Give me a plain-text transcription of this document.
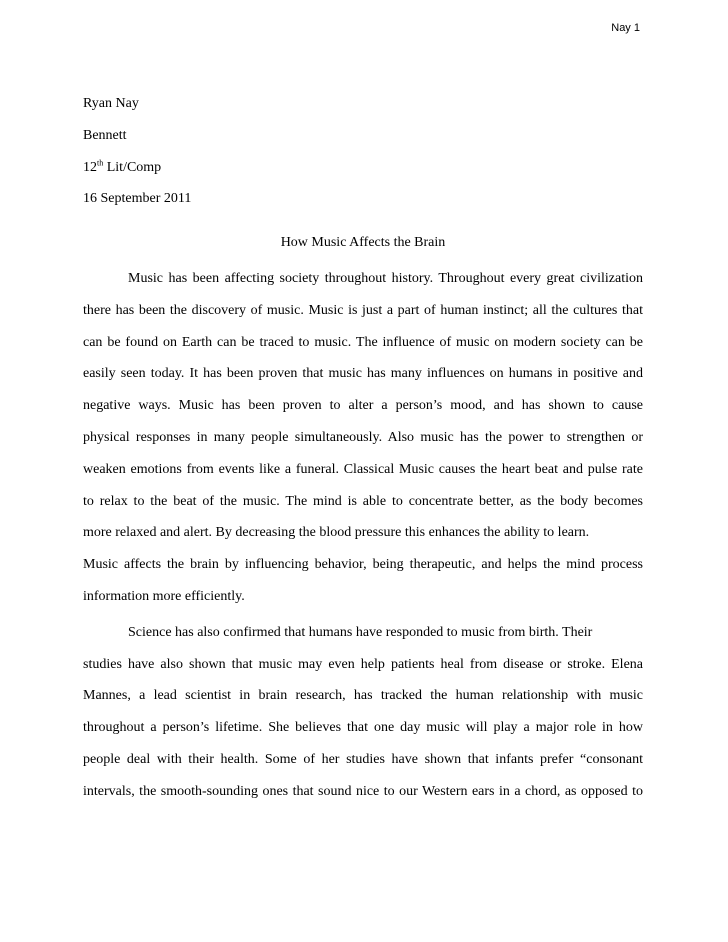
Nay 1
Ryan Nay
Bennett
12th Lit/Comp
16 September 2011
How Music Affects the Brain

Music has been affecting society throughout history. Throughout every great civilization
there has been the discovery of music. Music is just a part of human instinct; all the cultures that
can be found on Earth can be traced to music. The influence of music on modern society can be
easily seen today. It has been proven that music has many influences on humans in positive and
negative ways. Music has been proven to alter a person’s mood, and has shown to cause
physical responses in many people simultaneously. Also music has the power to strengthen or
weaken emotions from events like a funeral. Classical Music causes the heart beat and pulse rate
to relax to the beat of the music. The mind is able to concentrate better, as the body becomes
more relaxed and alert. By decreasing the blood pressure this enhances the ability to learn.
Music affects the brain by influencing behavior, being therapeutic, and helps the mind process
information more efficiently.

Science has also confirmed that humans have responded to music from birth. Their
studies have also shown that music may even help patients heal from disease or stroke. Elena
Mannes, a lead scientist in brain research, has tracked the human relationship with music
throughout a person’s lifetime. She believes that one day music will play a major role in how
people deal with their health. Some of her studies have shown that infants prefer “consonant
intervals, the smooth-sounding ones that sound nice to our Western ears in a chord, as opposed to
